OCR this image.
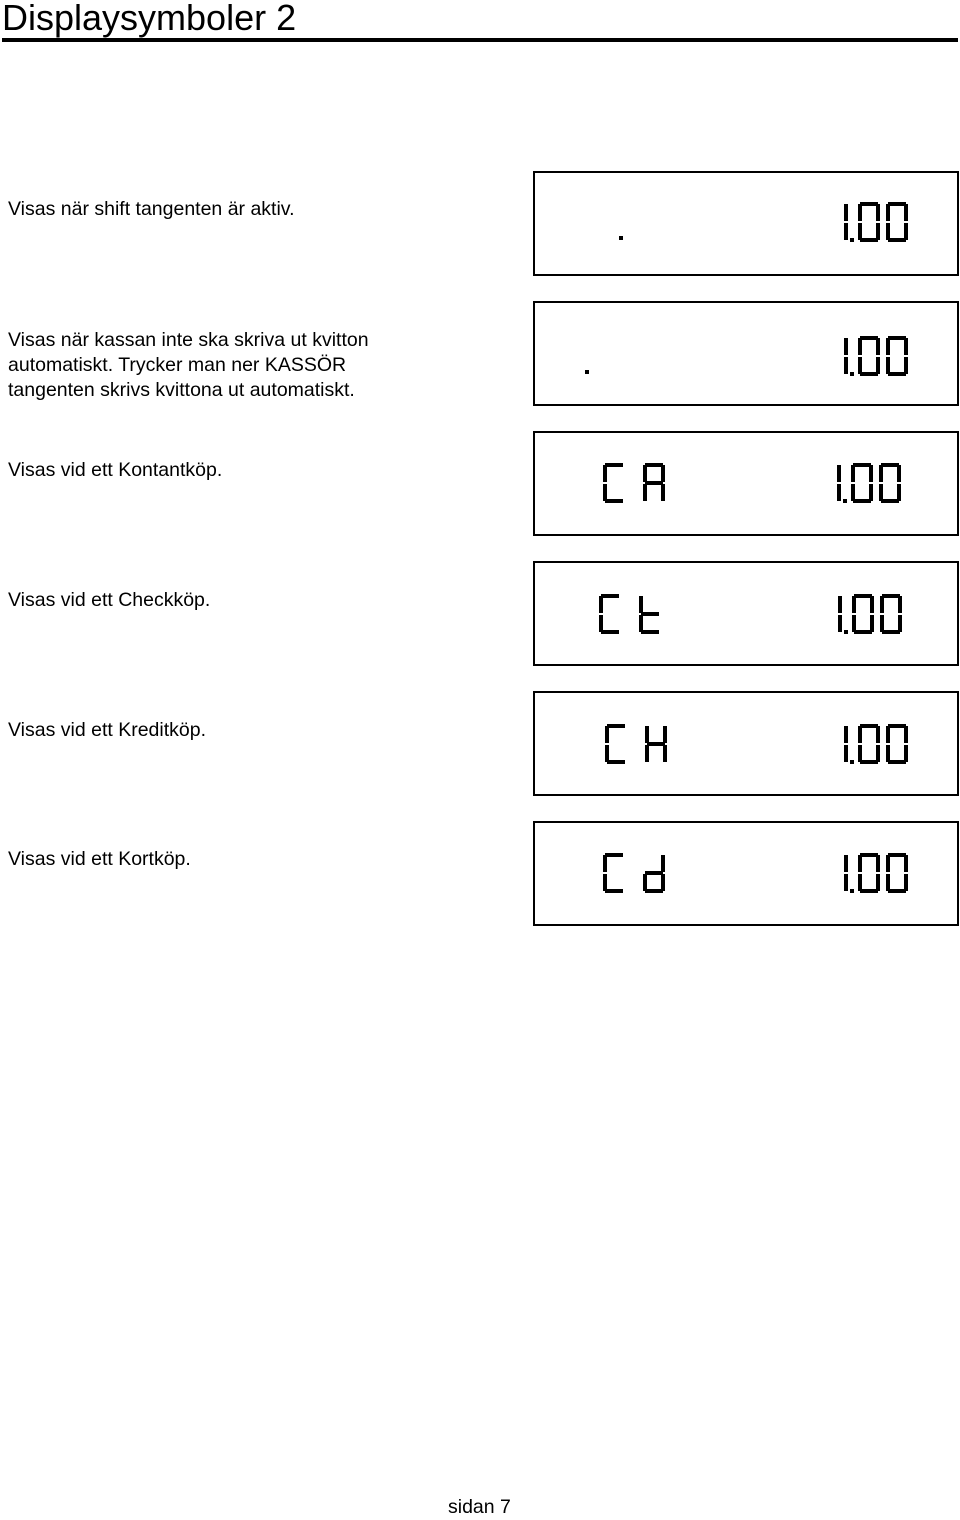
Displaysymboler 2
Visas när shift tangenten är aktiv.
Visas när kassan inte ska skriva ut kvitton
automatiskt. Trycker man ner KASSÖR
tangenten skrivs kvittona ut automatiskt.
Visas vid ett Kontantköp.
Visas vid ett Checkköp.
Visas vid ett Kreditköp.
Visas vid ett Kortköp.
sidan 7
